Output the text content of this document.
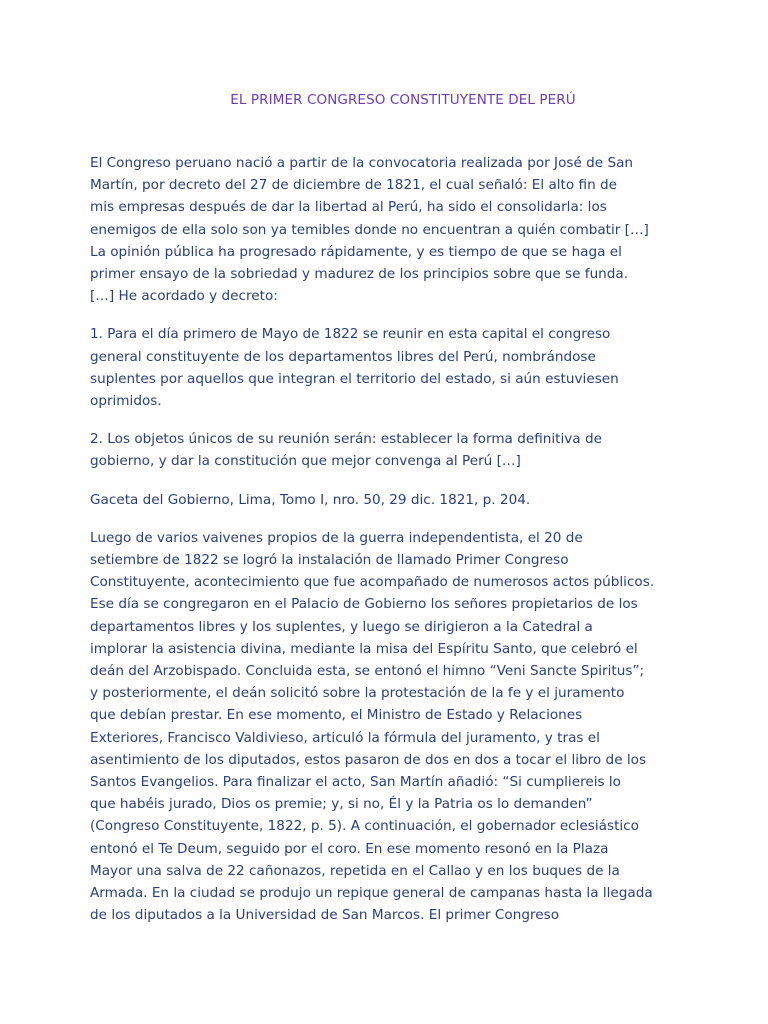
EL PRIMER CONGRESO CONSTITUYENTE DEL PERÚ

El Congreso peruano nació a partir de la convocatoria realizada por José de San
Martín, por decreto del 27 de diciembre de 1821, el cual señaló: El alto fin de
mis empresas después de dar la libertad al Perú, ha sido el consolidarla: los
enemigos de ella solo son ya temibles donde no encuentran a quién combatir […]
La opinión pública ha progresado rápidamente, y es tiempo de que se haga el
primer ensayo de la sobriedad y madurez de los principios sobre que se funda.
[…] He acordado y decreto:

1. Para el día primero de Mayo de 1822 se reunir en esta capital el congreso
general constituyente de los departamentos libres del Perú, nombrándose
suplentes por aquellos que integran el territorio del estado, si aún estuviesen
oprimidos.

2. Los objetos únicos de su reunión serán: establecer la forma definitiva de
gobierno, y dar la constitución que mejor convenga al Perú […]

Gaceta del Gobierno, Lima, Tomo I, nro. 50, 29 dic. 1821, p. 204.

Luego de varios vaivenes propios de la guerra independentista, el 20 de
setiembre de 1822 se logró la instalación de llamado Primer Congreso
Constituyente, acontecimiento que fue acompañado de numerosos actos públicos.
Ese día se congregaron en el Palacio de Gobierno los señores propietarios de los
departamentos libres y los suplentes, y luego se dirigieron a la Catedral a
implorar la asistencia divina, mediante la misa del Espíritu Santo, que celebró el
deán del Arzobispado. Concluida esta, se entonó el himno “Veni Sancte Spiritus”;
y posteriormente, el deán solicitó sobre la protestación de la fe y el juramento
que debían prestar. En ese momento, el Ministro de Estado y Relaciones
Exteriores, Francisco Valdivieso, articuló la fórmula del juramento, y tras el
asentimiento de los diputados, estos pasaron de dos en dos a tocar el libro de los
Santos Evangelios. Para finalizar el acto, San Martín añadió: “Si cumpliereis lo
que habéis jurado, Dios os premie; y, si no, Él y la Patria os lo demanden”
(Congreso Constituyente, 1822, p. 5). A continuación, el gobernador eclesiástico
entonó el Te Deum, seguido por el coro. En ese momento resonó en la Plaza
Mayor una salva de 22 cañonazos, repetida en el Callao y en los buques de la
Armada. En la ciudad se produjo un repique general de campanas hasta la llegada
de los diputados a la Universidad de San Marcos. El primer Congreso
